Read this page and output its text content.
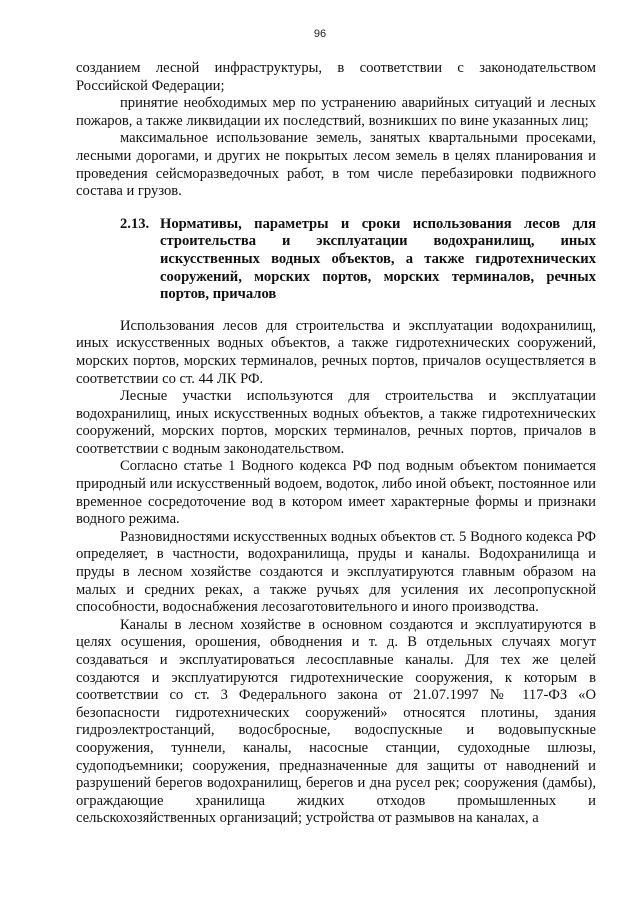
96

созданием лесной инфраструктуры, в соответствии с законодательством Российской Федерации;

принятие необходимых мер по устранению аварийных ситуаций и лесных пожаров, а также ликвидации их последствий, возникших по вине указанных лиц;

максимальное использование земель, занятых квартальными просеками, лесными дорогами, и других не покрытых лесом земель в целях планирования и проведения сейсморазведочных работ, в том числе перебазировки подвижного состава и грузов.

2.13. Нормативы, параметры и сроки использования лесов для строительства и эксплуатации водохранилищ, иных искусственных водных объектов, а также гидротехнических сооружений, морских портов, морских терминалов, речных портов, причалов

Использования лесов для строительства и эксплуатации водохранилищ, иных искусственных водных объектов, а также гидротехнических сооружений, морских портов, морских терминалов, речных портов, причалов осуществляется в соответствии со ст. 44 ЛК РФ.

Лесные участки используются для строительства и эксплуатации водохранилищ, иных искусственных водных объектов, а также гидротехнических сооружений, морских портов, морских терминалов, речных портов, причалов в соответствии с водным законодательством.

Согласно статье 1 Водного кодекса РФ под водным объектом понимается природный или искусственный водоем, водоток, либо иной объект, постоянное или временное сосредоточение вод в котором имеет характерные формы и признаки водного режима.

Разновидностями искусственных водных объектов ст. 5 Водного кодекса РФ определяет, в частности, водохранилища, пруды и каналы. Водохранилища и пруды в лесном хозяйстве создаются и эксплуатируются главным образом на малых и средних реках, а также ручьях для усиления их лесопропускной способности, водоснабжения лесозаготовительного и иного производства.

Каналы в лесном хозяйстве в основном создаются и эксплуатируются в целях осушения, орошения, обводнения и т. д. В отдельных случаях могут создаваться и эксплуатироваться лесосплавные каналы. Для тех же целей создаются и эксплуатируются гидротехнические сооружения, к которым в соответствии со ст. 3 Федерального закона от 21.07.1997 № 117-ФЗ «О безопасности гидротехнических сооружений» относятся плотины, здания гидроэлектростанций, водосбросные, водоспускные и водовыпускные сооружения, туннели, каналы, насосные станции, судоходные шлюзы, судоподъемники; сооружения, предназначенные для защиты от наводнений и разрушений берегов водохранилищ, берегов и дна русел рек; сооружения (дамбы), ограждающие хранилища жидких отходов промышленных и сельскохозяйственных организаций; устройства от размывов на каналах, а
